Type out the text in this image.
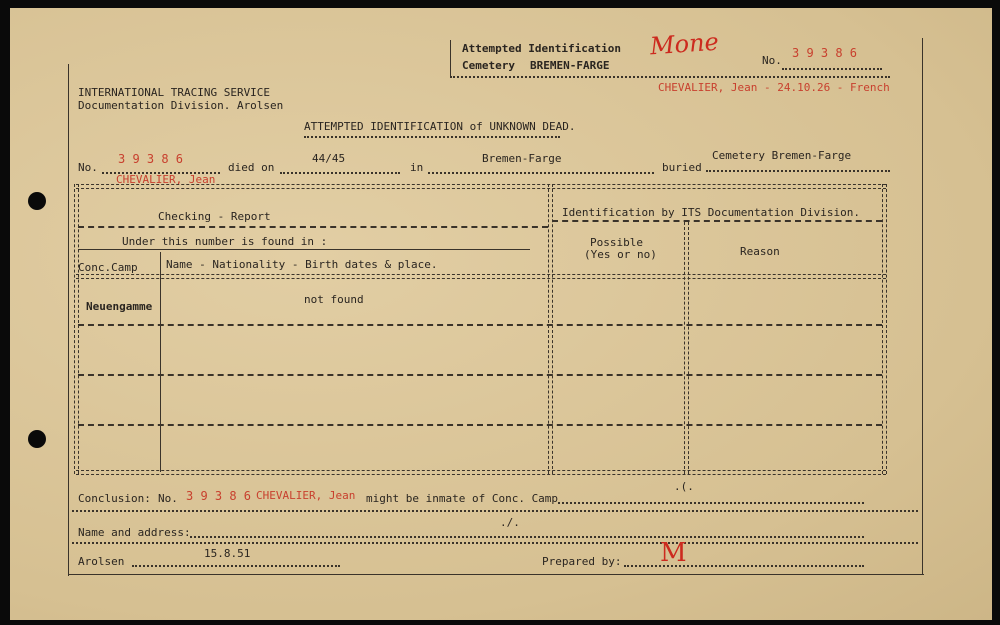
Attempted Identification
Cemetery BREMEN-FARGE
Mone
No.
3 9 3 8 6
INTERNATIONAL TRACING SERVICE
Documentation Division. Arolsen
CHEVALIER, Jean - 24.10.26 - French
ATTEMPTED IDENTIFICATION of UNKNOWN DEAD.
No.
3 9 3 8 6
died on
44/45
in
Bremen-Farge
buried
Cemetery Bremen-Farge
CHEVALIER, Jean
Checking - Report
Under this number is found in :
Conc.Camp	Name - Nationality - Birth dates & place.
Identification by ITS Documentation Division.
Possible
(Yes or no)	Reason
Neuengamme
not found
Conclusion: No. 3 9 3 8 6 CHEVALIER, Jean might be inmate of Conc. Camp
.(.
Name and address:
./.
Arolsen
15.8.51
Prepared by: M
